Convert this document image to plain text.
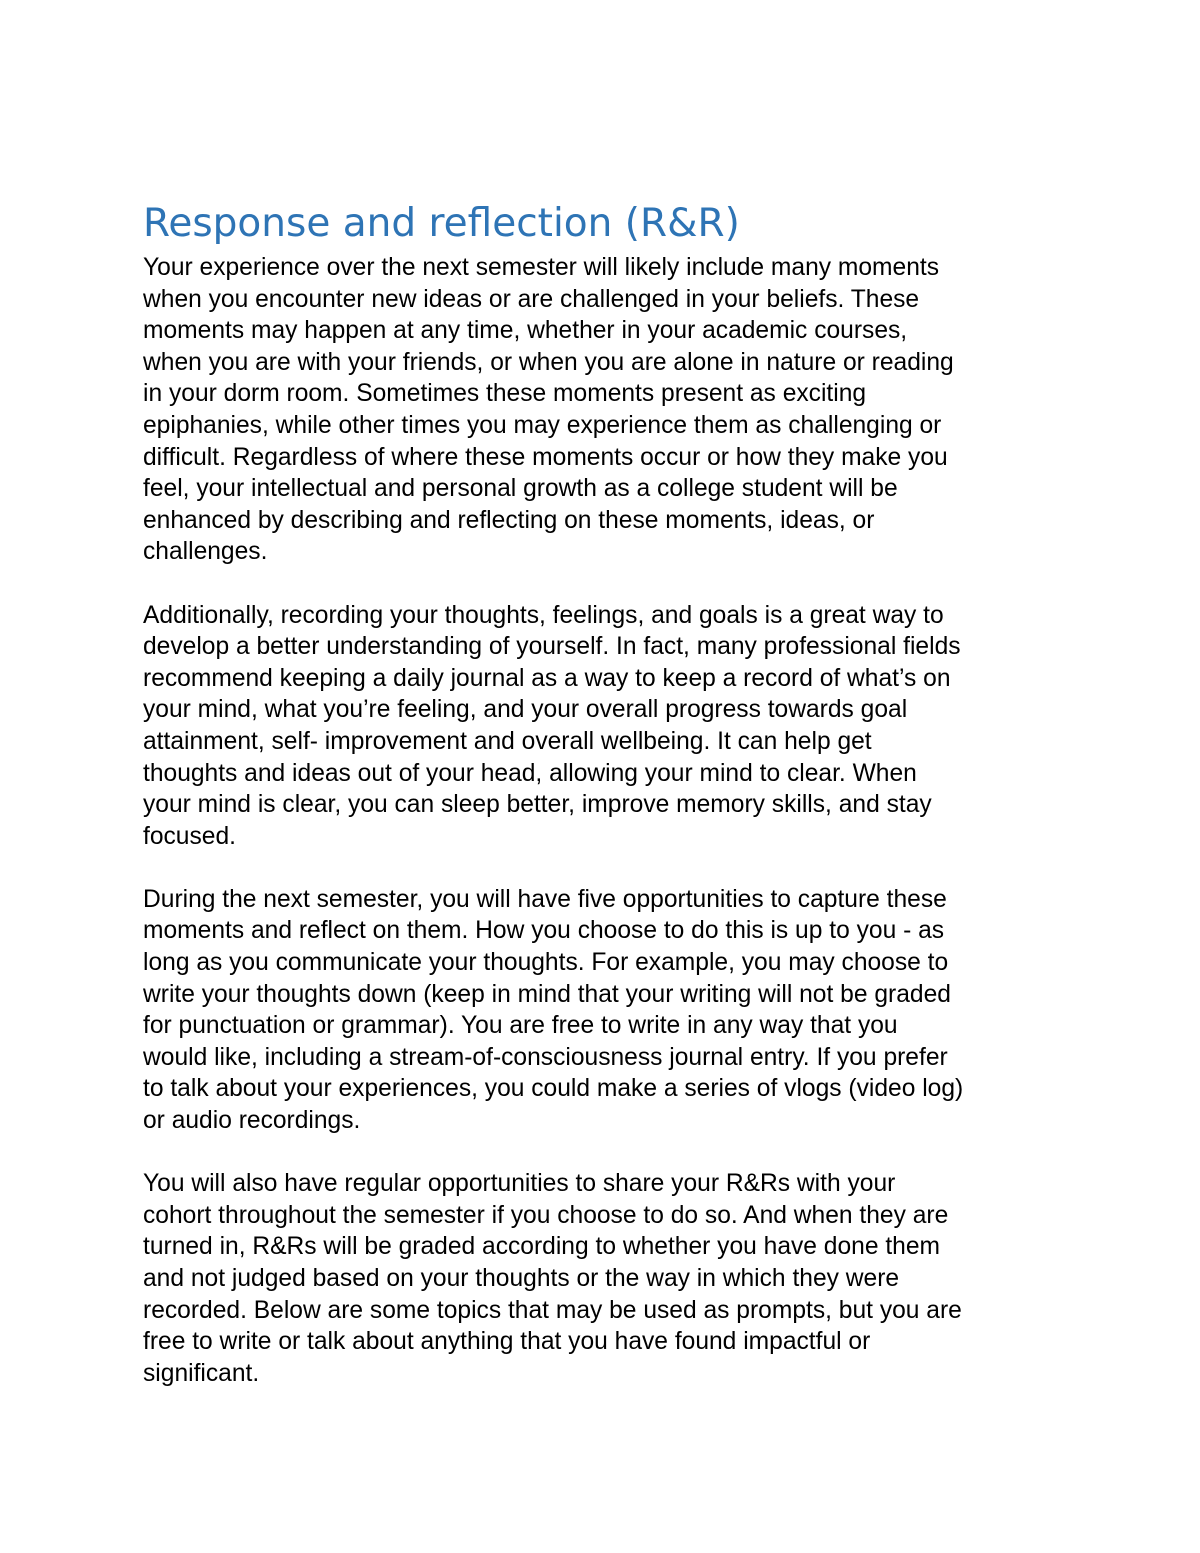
Response and reflection (R&R)

Your experience over the next semester will likely include many moments
when you encounter new ideas or are challenged in your beliefs. These
moments may happen at any time, whether in your academic courses,
when you are with your friends, or when you are alone in nature or reading
in your dorm room. Sometimes these moments present as exciting
epiphanies, while other times you may experience them as challenging or
difficult. Regardless of where these moments occur or how they make you
feel, your intellectual and personal growth as a college student will be
enhanced by describing and reflecting on these moments, ideas, or
challenges.

Additionally, recording your thoughts, feelings, and goals is a great way to
develop a better understanding of yourself. In fact, many professional fields
recommend keeping a daily journal as a way to keep a record of what’s on
your mind, what you’re feeling, and your overall progress towards goal
attainment, self- improvement and overall wellbeing. It can help get
thoughts and ideas out of your head, allowing your mind to clear. When
your mind is clear, you can sleep better, improve memory skills, and stay
focused.

During the next semester, you will have five opportunities to capture these
moments and reflect on them. How you choose to do this is up to you - as
long as you communicate your thoughts. For example, you may choose to
write your thoughts down (keep in mind that your writing will not be graded
for punctuation or grammar). You are free to write in any way that you
would like, including a stream-of-consciousness journal entry. If you prefer
to talk about your experiences, you could make a series of vlogs (video log)
or audio recordings.

You will also have regular opportunities to share your R&Rs with your
cohort throughout the semester if you choose to do so. And when they are
turned in, R&Rs will be graded according to whether you have done them
and not judged based on your thoughts or the way in which they were
recorded. Below are some topics that may be used as prompts, but you are
free to write or talk about anything that you have found impactful or
significant.
